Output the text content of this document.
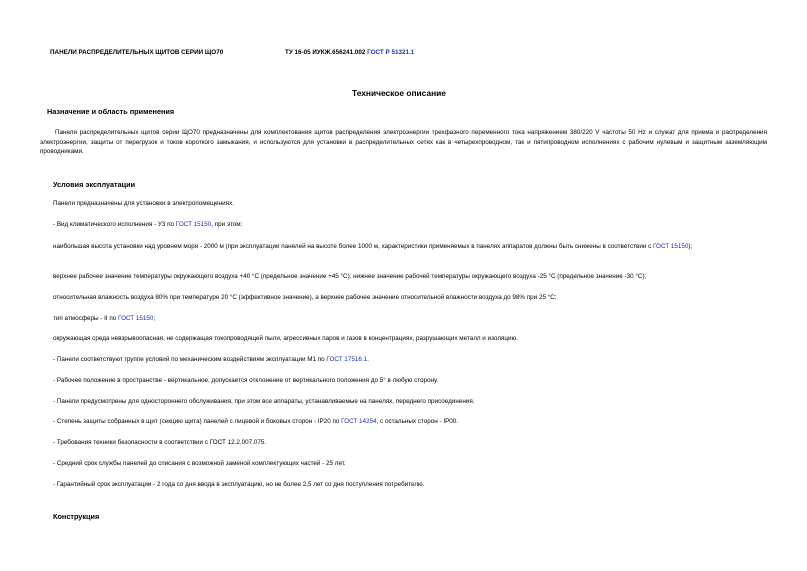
ПАНЕЛИ РАСПРЕДЕЛИТЕЛЬНЫХ ЩИТОВ СЕРИИ ЩО70	ТУ 16-05 ИУКЖ.656241.002 ГОСТ Р 51321.1
Техническое описание
Назначение и область применения
Панели распределительных щитов серии ЩО70 предназначены для комплектования щитов распределения электроэнергии трехфазного переменного тока напряжением 380/220 V частоты 50 Hz и служат для приема и распределения электроэнергии, защиты от перегрузок и токов короткого замыкания, и используются для установки в распределительных сетях как в четырехпроводном, так и пятипроводном исполнениях с рабочим нулевым и защитным заземляющим проводниками.
Условия эксплуатации
Панели предназначены для установки в электропомещениях.
- Вид климатического исполнения - У3 по ГОСТ 15150, при этом:
наибольшая высота установки над уровнем моря - 2000 м (при эксплуатации панелей на высоте более 1000 м, характеристики применяемых в панелях аппаратов должны быть снижены в соответствии с ГОСТ 15150);
верхнее рабочее значение температуры окружающего воздуха +40 °С (предельное значение +45 °С); нижнее значение рабочей температуры окружающего воздуха -25 °С (предельное значение -30 °С);
относительная влажность воздуха 80% при температуре 20 °С (эффективное значение), а верхнее рабочее значение относительной влажности воздуха до 98% при 25 °С;
тип атмосферы - II по ГОСТ 15150;
окружающая среда невзрывоопасная, не содержащая токопроводящей пыли, агрессивных паров и газов в концентрациях, разрушающих металл и изоляцию.
- Панели соответствуют группе условий по механическим воздействиям эксплуатации М1 по ГОСТ 17516.1.
- Рабочее положение в пространстве - вертикальное, допускается отклонение от вертикального положения до 5° в любую сторону.
- Панели предусмотрены для одностороннего обслуживания, при этом все аппараты, устанавливаемые на панелях, переднего присоединения.
- Степень защиты собранных в щит (секцию щита) панелей с лицевой и боковых сторон - IP20 по ГОСТ 14254, с остальных сторон - IP00.
- Требования техники безопасности в соответствии с ГОСТ 12.2.007.075.
- Средний срок службы панелей до списания с возможной заменой комплектующих частей - 25 лет.
- Гарантийный срок эксплуатации - 2 года со дня ввода в эксплуатацию, но не более 2,5 лет со дня поступления потребителю.
Конструкция
